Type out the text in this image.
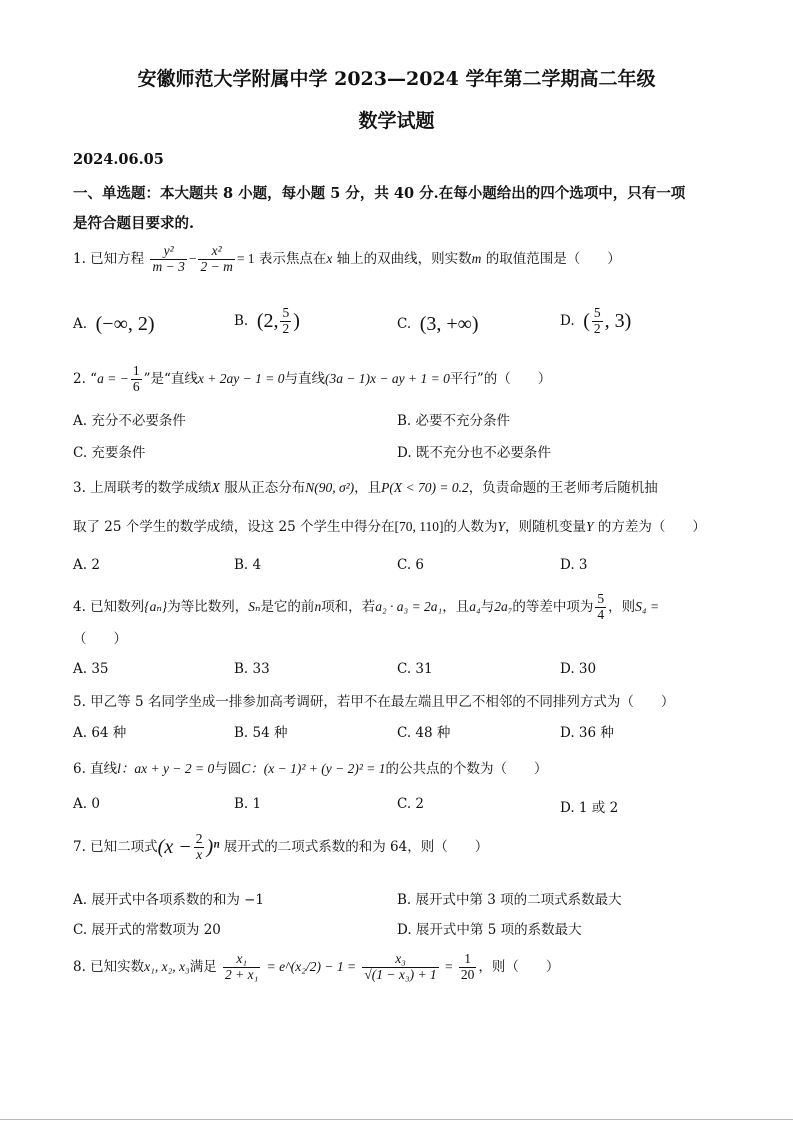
安徽师范大学附属中学 2023—2024 学年第二学期高二年级
数学试题
2024.06.05
一、单选题：本大题共 8 小题，每小题 5 分，共 40 分.在每小题给出的四个选项中，只有一项
是符合题目要求的.
1. 已知方程 $\frac{\text{y²}}{m - 3} - \frac{\text{x²}}{2 - m} = 1$ 表示焦点在x 轴上的双曲线，则实数m 的取值范围是（　　）
A. (−∞, 2)	B. (2, $\frac{5}{2}$ )	C. (3, +∞)	D. ( $\frac{5}{2}$ , 3)
2. “a = − $\frac{1}{6}$ ”是“直线x + 2ay − 1 = 0与直线(3a − 1)x − ay + 1 = 0平行”的（　　）
A. 充分不必要条件	B. 必要不充分条件
C. 充要条件	D. 既不充分也不必要条件
3. 上周联考的数学成绩X 服从正态分布N(90, σ²)，且P(X < 70) = 0.2，负责命题的王老师考后随机抽
取了 25 个学生的数学成绩，设这 25 个学生中得分在[70, 110]的人数为Y，则随机变量Y 的方差为（　　）
A. 2	B. 4	C. 6	D. 3
4. 已知数列{aₙ}为等比数列，Sₙ是它的前n项和，若a₂ · a₃ = 2a₁，且a₄与2a₇的等差中项为 $\frac{5}{4}$ ，则S₄ =
（　　）
A. 35	B. 33	C. 31	D. 30
5. 甲乙等 5 名同学坐成一排参加高考调研，若甲不在最左端且甲乙不相邻的不同排列方式为（　　）
A. 64 种	B. 54 种	C. 48 种	D. 36 种
6. 直线l：ax + y − 2 = 0与圆C：(x − 1)² + (y − 2)² = 1的公共点的个数为（　　）
A. 0	B. 1	C. 2	D. 1 或 2
7. 已知二项式$(x - \frac{2}{x} )^n$ 展开式的二项式系数的和为 64，则（　　）
A. 展开式中各项系数的和为 −1	B. 展开式中第 3 项的二项式系数最大
C. 展开式的常数项为 20	D. 展开式中第 5 项的系数最大
8. 已知实数x₁, x₂, x₃满足 $\frac{\text{x₁}}{\text{2 + x₁}}$ = e^(x₂/2) − $1 = \frac{\text{x₃}}{\text{√(1 − x₃) + 1}} = \frac{1}{20}$ ，则（　　）
